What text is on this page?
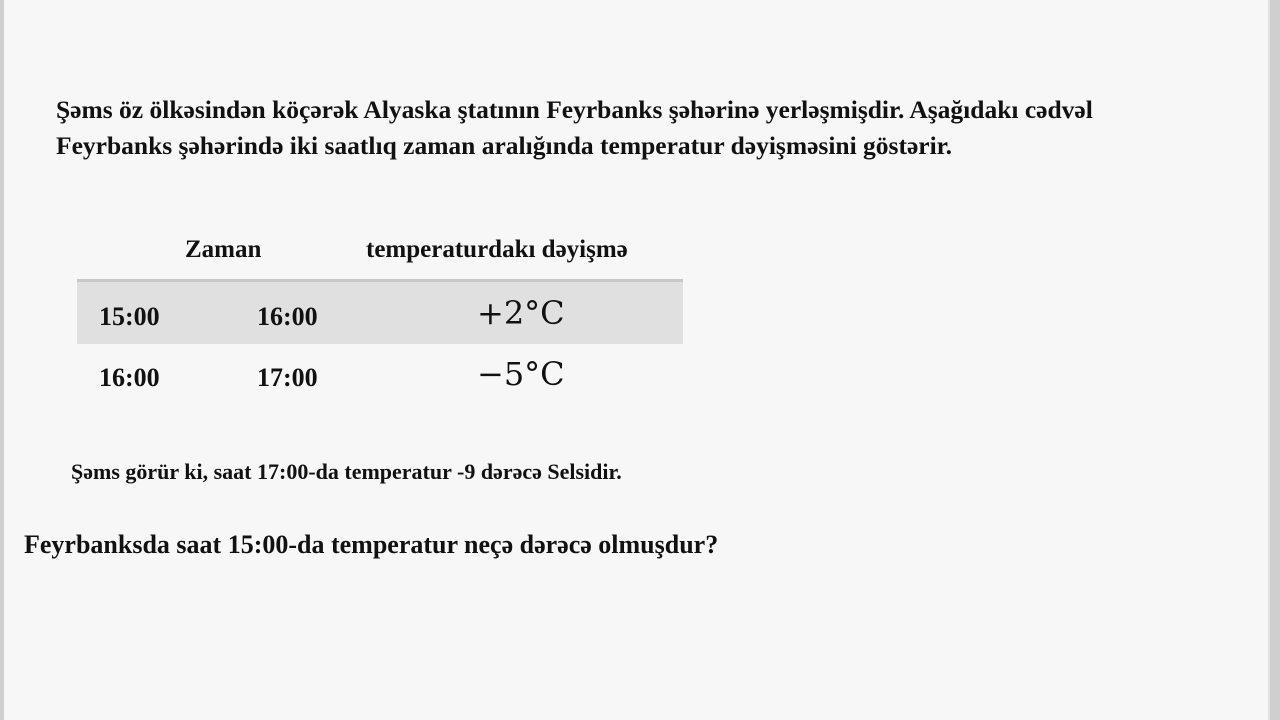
Şəms öz ölkəsindən köçərək Alyaska ştatının Feyrbanks şəhərinə yerləşmişdir. Aşağıdakı cədvəl
Feyrbanks şəhərində iki saatlıq zaman aralığında temperatur dəyişməsini göstərir.

Zaman	temperaturdakı dəyişmə
15:00	16:00	+2°C
16:00	17:00	−5°C

Şəms görür ki, saat 17:00-da temperatur -9 dərəcə Selsidir.

Feyrbanksda saat 15:00-da temperatur neçə dərəcə olmuşdur?
